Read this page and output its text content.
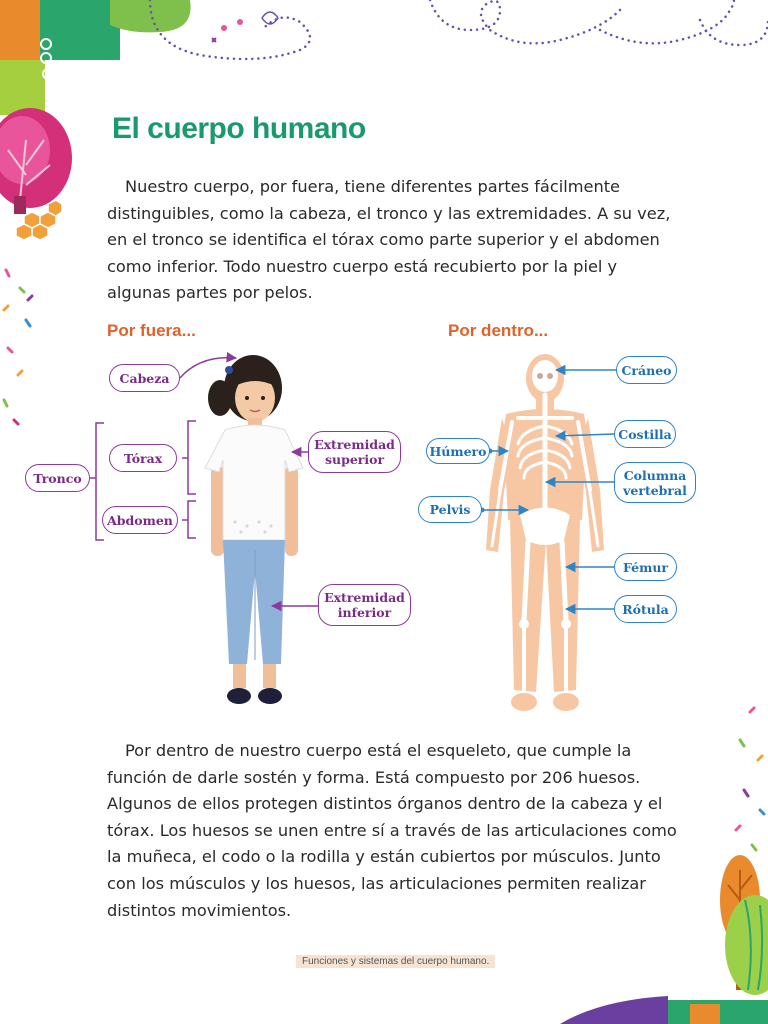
El cuerpo humano

Nuestro cuerpo, por fuera, tiene diferentes partes fácilmente distinguibles, como la cabeza, el tronco y las extremidades. A su vez, en el tronco se identifica el tórax como parte superior y el abdomen como inferior. Todo nuestro cuerpo está recubierto por la piel y algunas partes por pelos.

Por fuera...	Por dentro...
Cabeza
Tórax
Tronco
Abdomen
Extremidad
superior
Extremidad
inferior
Cráneo
Costilla
Húmero
Columna
vertebral
Pelvis
Fémur
Rótula

Por dentro de nuestro cuerpo está el esqueleto, que cumple la función de darle sostén y forma. Está compuesto por 206 huesos. Algunos de ellos protegen distintos órganos dentro de la cabeza y el tórax. Los huesos se unen entre sí a través de las articulaciones como la muñeca, el codo o la rodilla y están cubiertos por músculos. Junto con los músculos y los huesos, las articulaciones permiten realizar distintos movimientos.

Funciones y sistemas del cuerpo humano.
